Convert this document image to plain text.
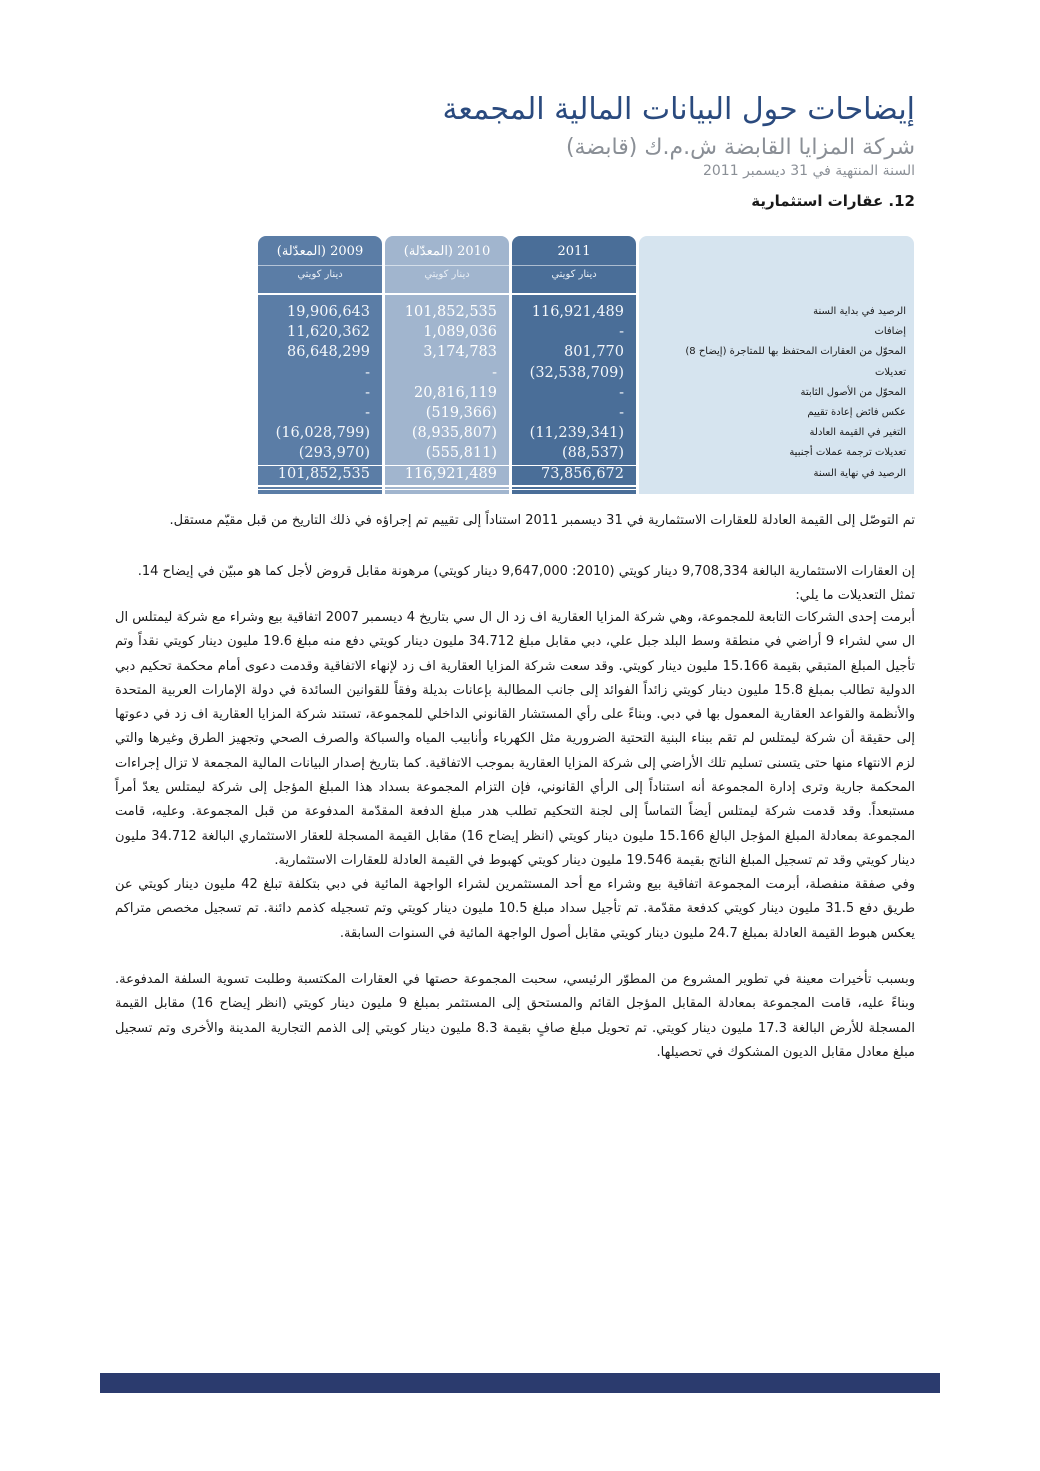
إيضاحات حول البيانات المالية المجمعة
شركة المزايا القابضة ش.م.ك (قابضة)
السنة المنتهية في 31 ديسمبر 2011
12. عقارات استثمارية
2009 (المعدّلة)
دينار كويتي
19,906,643
11,620,362
86,648,299
-
-
-
(16,028,799)
(293,970)
101,852,535
2010 (المعدّلة)
دينار كويتي
101,852,535
1,089,036
3,174,783
-
20,816,119
(519,366)
(8,935,807)
(555,811)
116,921,489
2011
دينار كويتي
116,921,489
-
801,770
(32,538,709)
-
-
(11,239,341)
(88,537)
73,856,672
الرصيد في بداية السنة
إضافات
المحوّل من العقارات المحتفظ بها للمتاجرة (إيضاح 8)
تعديلات
المحوّل من الأصول الثابتة
عكس فائض إعادة تقييم
التغير في القيمة العادلة
تعديلات ترجمة عملات أجنبية
الرصيد في نهاية السنة
تم التوصّل إلى القيمة العادلة للعقارات الاستثمارية في 31 ديسمبر 2011 استناداً إلى تقييم تم إجراؤه في ذلك التاريخ من قبل مقيّم مستقل.
إن العقارات الاستثمارية البالغة 9,708,334 دينار كويتي (2010: 9,647,000 دينار كويتي) مرهونة مقابل قروض لأجل كما هو مبيّن في إيضاح 14.
تمثل التعديلات ما يلي:
أبرمت إحدى الشركات التابعة للمجموعة، وهي شركة المزايا العقارية اف زد ال ال سي بتاريخ 4 ديسمبر 2007 اتفاقية بيع وشراء مع شركة ليمتلس ال ال سي لشراء 9 أراضي في منطقة وسط البلد جبل علي، دبي مقابل مبلغ 34.712 مليون دينار كويتي دفع منه مبلغ 19.6 مليون دينار كويتي نقداً وتم تأجيل المبلغ المتبقي بقيمة 15.166 مليون دينار كويتي. وقد سعت شركة المزايا العقارية اف زد لإنهاء الاتفاقية وقدمت دعوى أمام محكمة تحكيم دبي الدولية تطالب بمبلغ 15.8 مليون دينار كويتي زائداً الفوائد إلى جانب المطالبة بإعانات بديلة وفقاً للقوانين السائدة في دولة الإمارات العربية المتحدة والأنظمة والقواعد العقارية المعمول بها في دبي. وبناءً على رأي المستشار القانوني الداخلي للمجموعة، تستند شركة المزايا العقارية اف زد في دعوتها إلى حقيقة أن شركة ليمتلس لم تقم ببناء البنية التحتية الضرورية مثل الكهرباء وأنابيب المياه والسباكة والصرف الصحي وتجهيز الطرق وغيرها والتي لزم الانتهاء منها حتى يتسنى تسليم تلك الأراضي إلى شركة المزايا العقارية بموجب الاتفاقية. كما بتاريخ إصدار البيانات المالية المجمعة لا تزال إجراءات المحكمة جارية وترى إدارة المجموعة أنه استناداً إلى الرأي القانوني، فإن التزام المجموعة بسداد هذا المبلغ المؤجل إلى شركة ليمتلس يعدّ أمراً مستبعداً. وقد قدمت شركة ليمتلس أيضاً التماساً إلى لجنة التحكيم تطلب هدر مبلغ الدفعة المقدّمة المدفوعة من قبل المجموعة. وعليه، قامت المجموعة بمعادلة المبلغ المؤجل البالغ 15.166 مليون دينار كويتي (انظر إيضاح 16) مقابل القيمة المسجلة للعقار الاستثماري البالغة 34.712 مليون دينار كويتي وقد تم تسجيل المبلغ الناتج بقيمة 19.546 مليون دينار كويتي كهبوط في القيمة العادلة للعقارات الاستثمارية.
وفي صفقة منفصلة، أبرمت المجموعة اتفاقية بيع وشراء مع أحد المستثمرين لشراء الواجهة المائية في دبي بتكلفة تبلغ 42 مليون دينار كويتي عن طريق دفع 31.5 مليون دينار كويتي كدفعة مقدّمة. تم تأجيل سداد مبلغ 10.5 مليون دينار كويتي وتم تسجيله كذمم دائنة. تم تسجيل مخصص متراكم يعكس هبوط القيمة العادلة بمبلغ 24.7 مليون دينار كويتي مقابل أصول الواجهة المائية في السنوات السابقة.
وبسبب تأخيرات معينة في تطوير المشروع من المطوّر الرئيسي، سحبت المجموعة حصتها في العقارات المكتسبة وطلبت تسوية السلفة المدفوعة. وبناءً عليه، قامت المجموعة بمعادلة المقابل المؤجل القائم والمستحق إلى المستثمر بمبلغ 9 مليون دينار كويتي (انظر إيضاح 16) مقابل القيمة المسجلة للأرض البالغة 17.3 مليون دينار كويتي. تم تحويل مبلغ صافٍ بقيمة 8.3 مليون دينار كويتي إلى الذمم التجارية المدينة والأخرى وتم تسجيل مبلغ معادل مقابل الديون المشكوك في تحصيلها.
